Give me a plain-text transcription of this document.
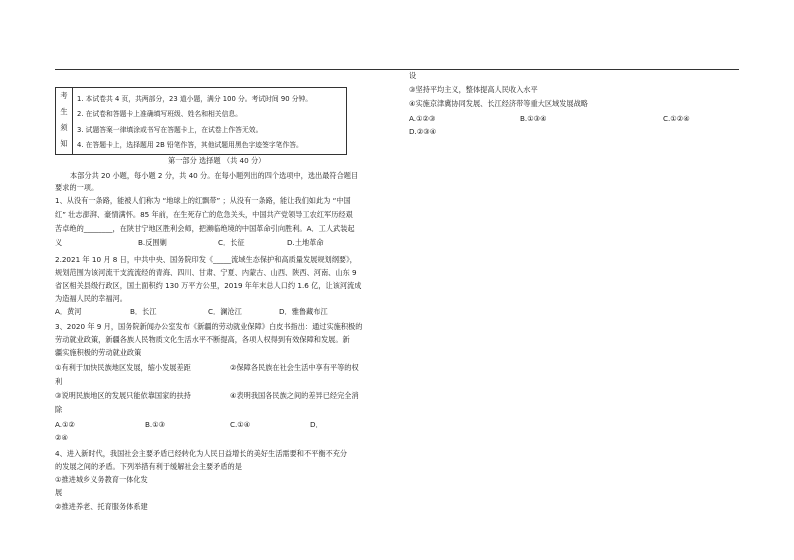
考
生
须
知
1. 本试卷共 4 页，共两部分，23 道小题，满分 100 分。考试时间 90 分钟。
2. 在试卷和答题卡上准确填写班级、姓名和相关信息。
3. 试题答案一律填涂或书写在答题卡上，在试卷上作答无效。
4. 在答题卡上，选择题用 2B 铅笔作答，其他试题用黑色字迹签字笔作答。
第一部分 选择题 （共 40 分）
本部分共 20 小题，每小题 2 分，共 40 分。在每小题列出的四个选项中，选出最符合题目
要求的一项。
1、从没有一条路，能被人们称为 “地球上的红飘带” ；从没有一条路，能让我们如此为 “中国
红” 壮志澎湃、豪情满怀。85 年前，在生死存亡的危急关头，中国共产党领导工农红军历经艰
苦卓绝的________，在陕甘宁地区胜利会师，把濒临绝境的中国革命引向胜利。A．工人武装起
义	B.反围剿	C．长征	D.土地革命
2.2021 年 10 月 8 日，中共中央、国务院印发《_____流域生态保护和高质量发展规划纲要》，
规划范围为该河流干支流流经的青海、四川、甘肃、宁夏、内蒙古、山西、陕西、河南、山东 9
省区相关县级行政区，国土面积约 130 万平方公里，2019 年年末总人口约 1.6 亿，让该河流成
为造福人民的幸福河。
A．黄河	B．长江	C．澜沧江	D．雅鲁藏布江
3、2020 年 9 月，国务院新闻办公室发布《新疆的劳动就业保障》白皮书指出：通过实施积极的
劳动就业政策，新疆各族人民物质文化生活水平不断提高，各项人权得到有效保障和发展。新
疆实施积极的劳动就业政策
①有利于加快民族地区发展，缩小发展差距	②保障各民族在社会生活中享有平等的权
利
③说明民族地区的发展只能依靠国家的扶持	④表明我国各民族之间的差异已经完全消
除
A.①②	B.①③	C.①④	D．
②④
4、进入新时代，我国社会主要矛盾已经转化为人民日益增长的美好生活需要和不平衡不充分
的发展之间的矛盾。下列举措有利于缓解社会主要矛盾的是
①推进城乡义务教育一体化发
展
②推进养老、托育服务体系建
设
③坚持平均主义，整体提高人民收入水平
④实施京津冀协同发展、长江经济带等重大区域发展战略
A.①②③	B.①③④	C.①②④
D.②③④
